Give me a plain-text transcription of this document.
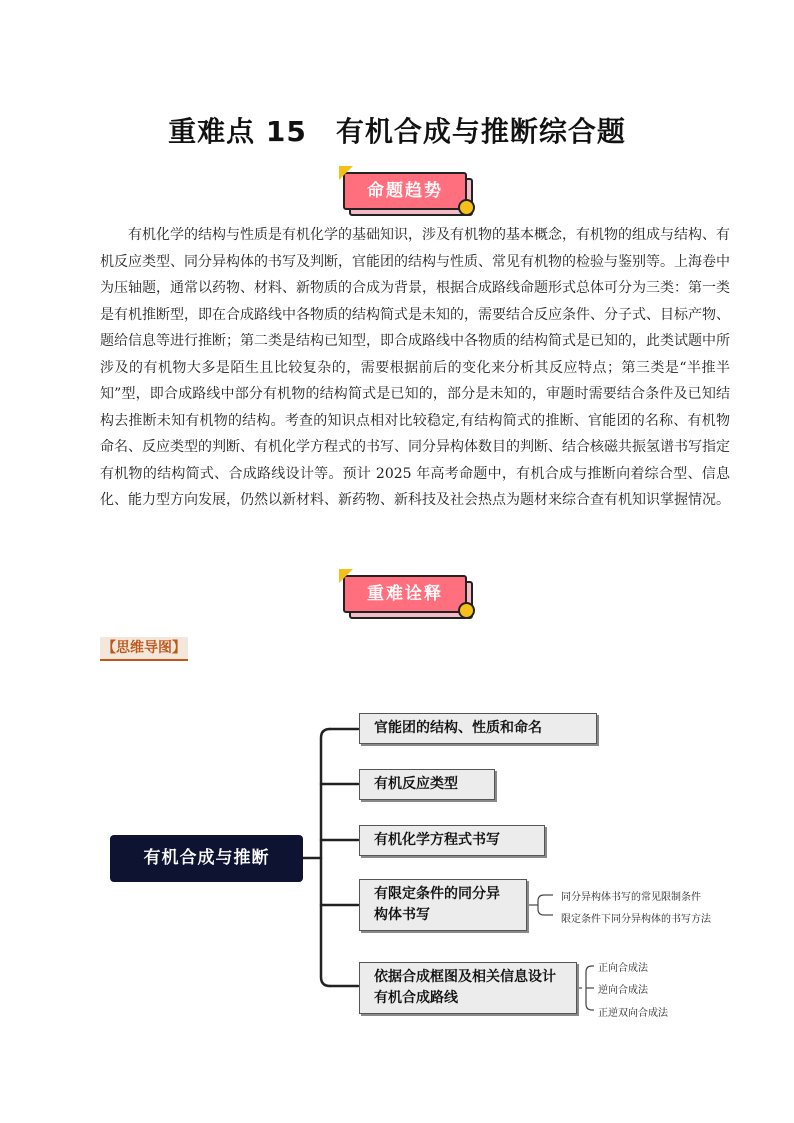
重难点 15　有机合成与推断综合题
命题趋势
有机化学的结构与性质是有机化学的基础知识，涉及有机物的基本概念，有机物的组成与结构、有机反应类型、同分异构体的书写及判断，官能团的结构与性质、常见有机物的检验与鉴别等。上海卷中为压轴题，通常以药物、材料、新物质的合成为背景，根据合成路线命题形式总体可分为三类：第一类是有机推断型，即在合成路线中各物质的结构简式是未知的，需要结合反应条件、分子式、目标产物、题给信息等进行推断；第二类是结构已知型，即合成路线中各物质的结构简式是已知的，此类试题中所涉及的有机物大多是陌生且比较复杂的，需要根据前后的变化来分析其反应特点；第三类是“半推半知”型，即合成路线中部分有机物的结构简式是已知的，部分是未知的，审题时需要结合条件及已知结构去推断未知有机物的结构。考查的知识点相对比较稳定,有结构简式的推断、官能团的名称、有机物命名、反应类型的判断、有机化学方程式的书写、同分异构体数目的判断、结合核磁共振氢谱书写指定有机物的结构简式、合成路线设计等。预计 2025 年高考命题中，有机合成与推断向着综合型、信息化、能力型方向发展，仍然以新材料、新药物、新科技及社会热点为题材来综合查有机知识掌握情况。
重难诠释
【思维导图】
有机合成与推断
官能团的结构、性质和命名
有机反应类型
有机化学方程式书写
有限定条件的同分异构体书写
依据合成框图及相关信息设计有机合成路线
同分异构体书写的常见限制条件
限定条件下同分异构体的书写方法
正向合成法
逆向合成法
正逆双向合成法
